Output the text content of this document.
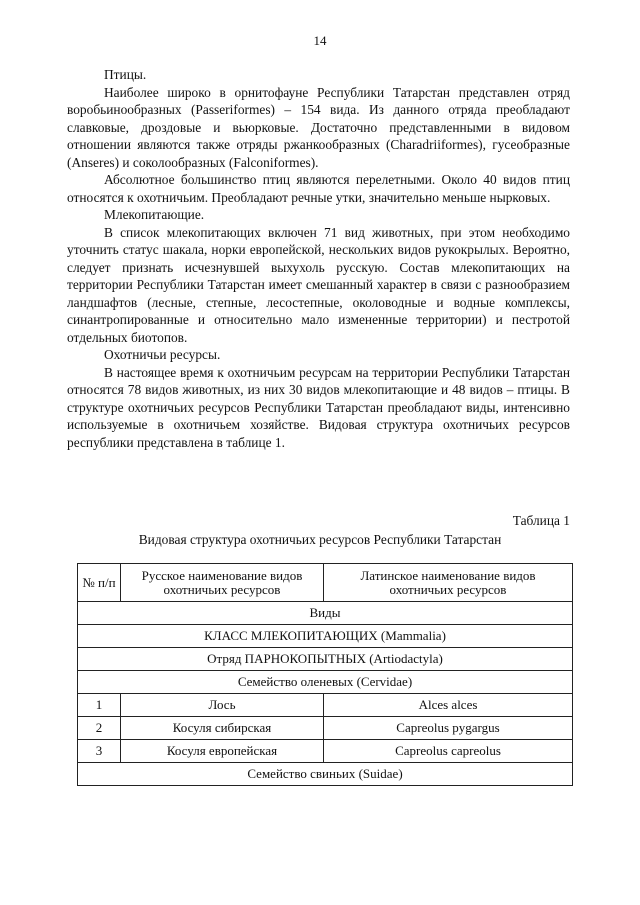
14

Птицы.

Наиболее широко в орнитофауне Республики Татарстан представлен отряд воробьинообразных (Passeriformes) – 154 вида. Из данного отряда преобладают славковые, дроздовые и вьюрковые. Достаточно представленными в видовом отношении являются также отряды ржанкообразных (Charadriiformes), гусеобразные (Anseres) и соколообразных (Falconiformes).

Абсолютное большинство птиц являются перелетными. Около 40 видов птиц относятся к охотничьим. Преобладают речные утки, значительно меньше нырковых.

Млекопитающие.

В список млекопитающих включен 71 вид животных, при этом необходимо уточнить статус шакала, норки европейской, нескольких видов рукокрылых. Вероятно, следует признать исчезнувшей выхухоль русскую. Состав млекопитающих на территории Республики Татарстан имеет смешанный характер в связи с разнообразием ландшафтов (лесные, степные, лесостепные, околоводные и водные комплексы, синантропированные и относительно мало измененные территории) и пестротой отдельных биотопов.

Охотничьи ресурсы.

В настоящее время к охотничьим ресурсам на территории Республики Татарстан относятся 78 видов животных, из них 30 видов млекопитающие и 48 видов – птицы. В структуре охотничьих ресурсов Республики Татарстан преобладают виды, интенсивно используемые в охотничьем хозяйстве. Видовая структура охотничьих ресурсов республики представлена в таблице 1.

Таблица 1
Видовая структура охотничьих ресурсов Республики Татарстан
№ п/п	Русское наименование видов охотничьих ресурсов	Латинское наименование видов охотничьих ресурсов
Виды		
КЛАСС МЛЕКОПИТАЮЩИХ (Mammalia)		
Отряд ПАРНОКОПЫТНЫХ (Artiodactyla)		
Семейство оленевых (Cervidae)		
1	Лось	Alces alces
2	Косуля сибирская	Capreolus pygargus
3	Косуля европейская	Capreolus capreolus
Семейство свиньих (Suidae)		
